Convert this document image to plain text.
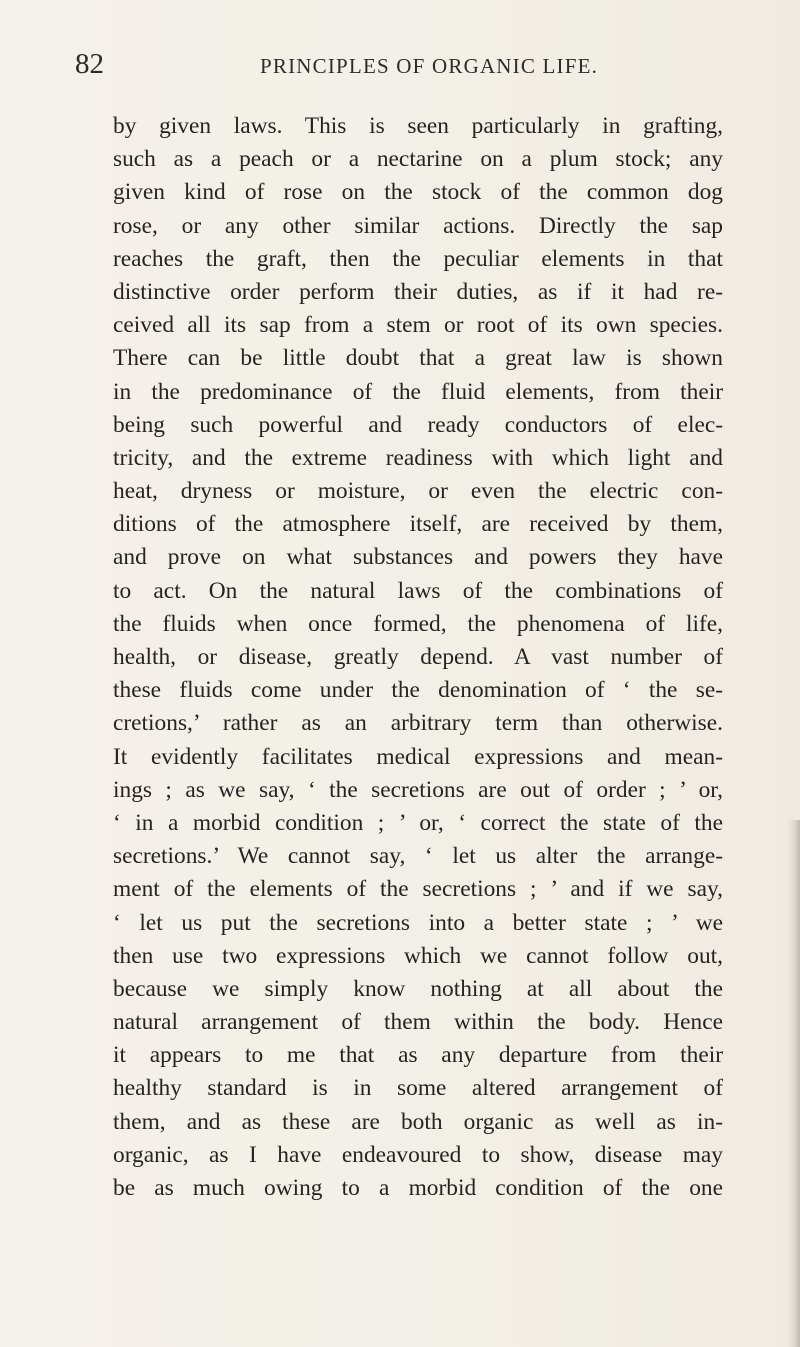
82	PRINCIPLES OF ORGANIC LIFE.
by given laws. This is seen particularly in grafting,
such as a peach or a nectarine on a plum stock; any
given kind of rose on the stock of the common dog
rose, or any other similar actions. Directly the sap
reaches the graft, then the peculiar elements in that
distinctive order perform their duties, as if it had re-
ceived all its sap from a stem or root of its own species.
There can be little doubt that a great law is shown
in the predominance of the fluid elements, from their
being such powerful and ready conductors of elec-
tricity, and the extreme readiness with which light and
heat, dryness or moisture, or even the electric con-
ditions of the atmosphere itself, are received by them,
and prove on what substances and powers they have
to act. On the natural laws of the combinations of
the fluids when once formed, the phenomena of life,
health, or disease, greatly depend. A vast number of
these fluids come under the denomination of ‘ the se-
cretions,’ rather as an arbitrary term than otherwise.
It evidently facilitates medical expressions and mean-
ings ; as we say, ‘ the secretions are out of order ; ’ or,
‘ in a morbid condition ; ’ or, ‘ correct the state of the
secretions.’ We cannot say, ‘ let us alter the arrange-
ment of the elements of the secretions ; ’ and if we say,
‘ let us put the secretions into a better state ; ’ we
then use two expressions which we cannot follow out,
because we simply know nothing at all about the
natural arrangement of them within the body. Hence
it appears to me that as any departure from their
healthy standard is in some altered arrangement of
them, and as these are both organic as well as in-
organic, as I have endeavoured to show, disease may
be as much owing to a morbid condition of the one
